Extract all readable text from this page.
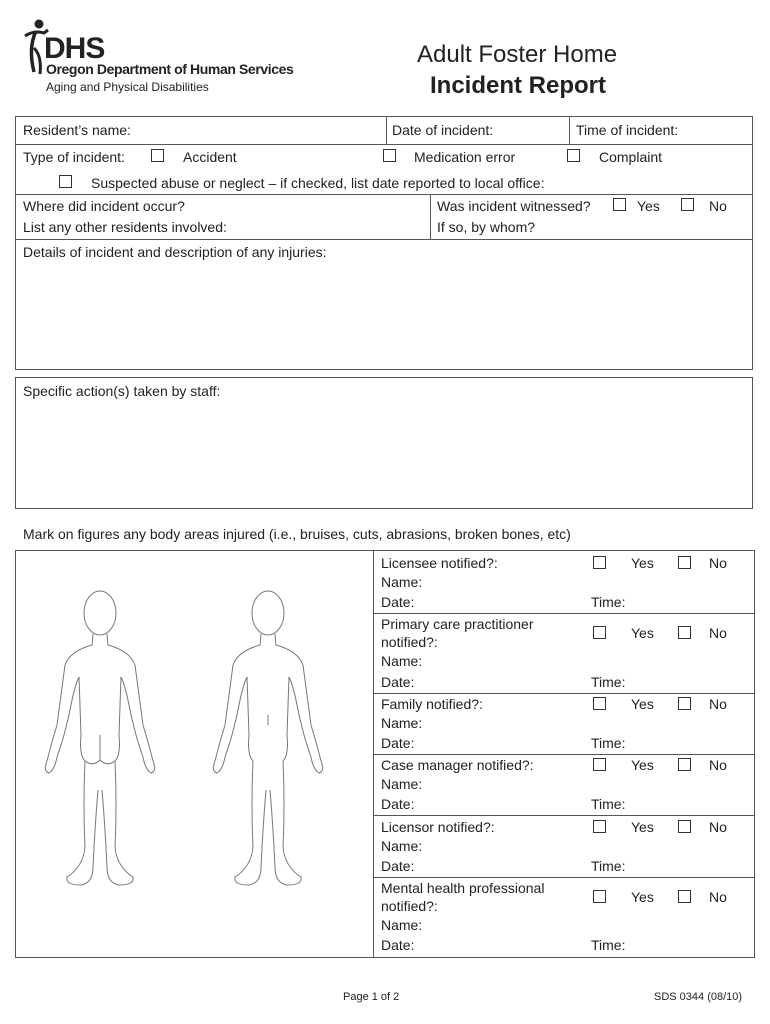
DHS
Oregon Department of Human Services
Aging and Physical Disabilities
Adult Foster Home
Incident Report
Resident’s name:	Date of incident:	Time of incident:
Type of incident:	Accident	Medication error	Complaint
Suspected abuse or neglect – if checked, list date reported to local office:
Where did incident occur?
List any other residents involved:
Was incident witnessed?	Yes	No
If so, by whom?
Details of incident and description of any injuries:
Specific action(s) taken by staff:
Mark on figures any body areas injured (i.e., bruises, cuts, abrasions, broken bones, etc)
Licensee notified?:	Yes	No
Name:
Date:	Time:
Primary care practitioner
notified?:
Yes	No
Name:
Date:	Time:
Family notified?:	Yes	No
Name:
Date:	Time:
Case manager notified?:	Yes	No
Name:
Date:	Time:
Licensor notified?:	Yes	No
Name:
Date:	Time:
Mental health professional
notified?:
Yes	No
Name:
Date:	Time:
Page 1 of 2	SDS 0344 (08/10)
